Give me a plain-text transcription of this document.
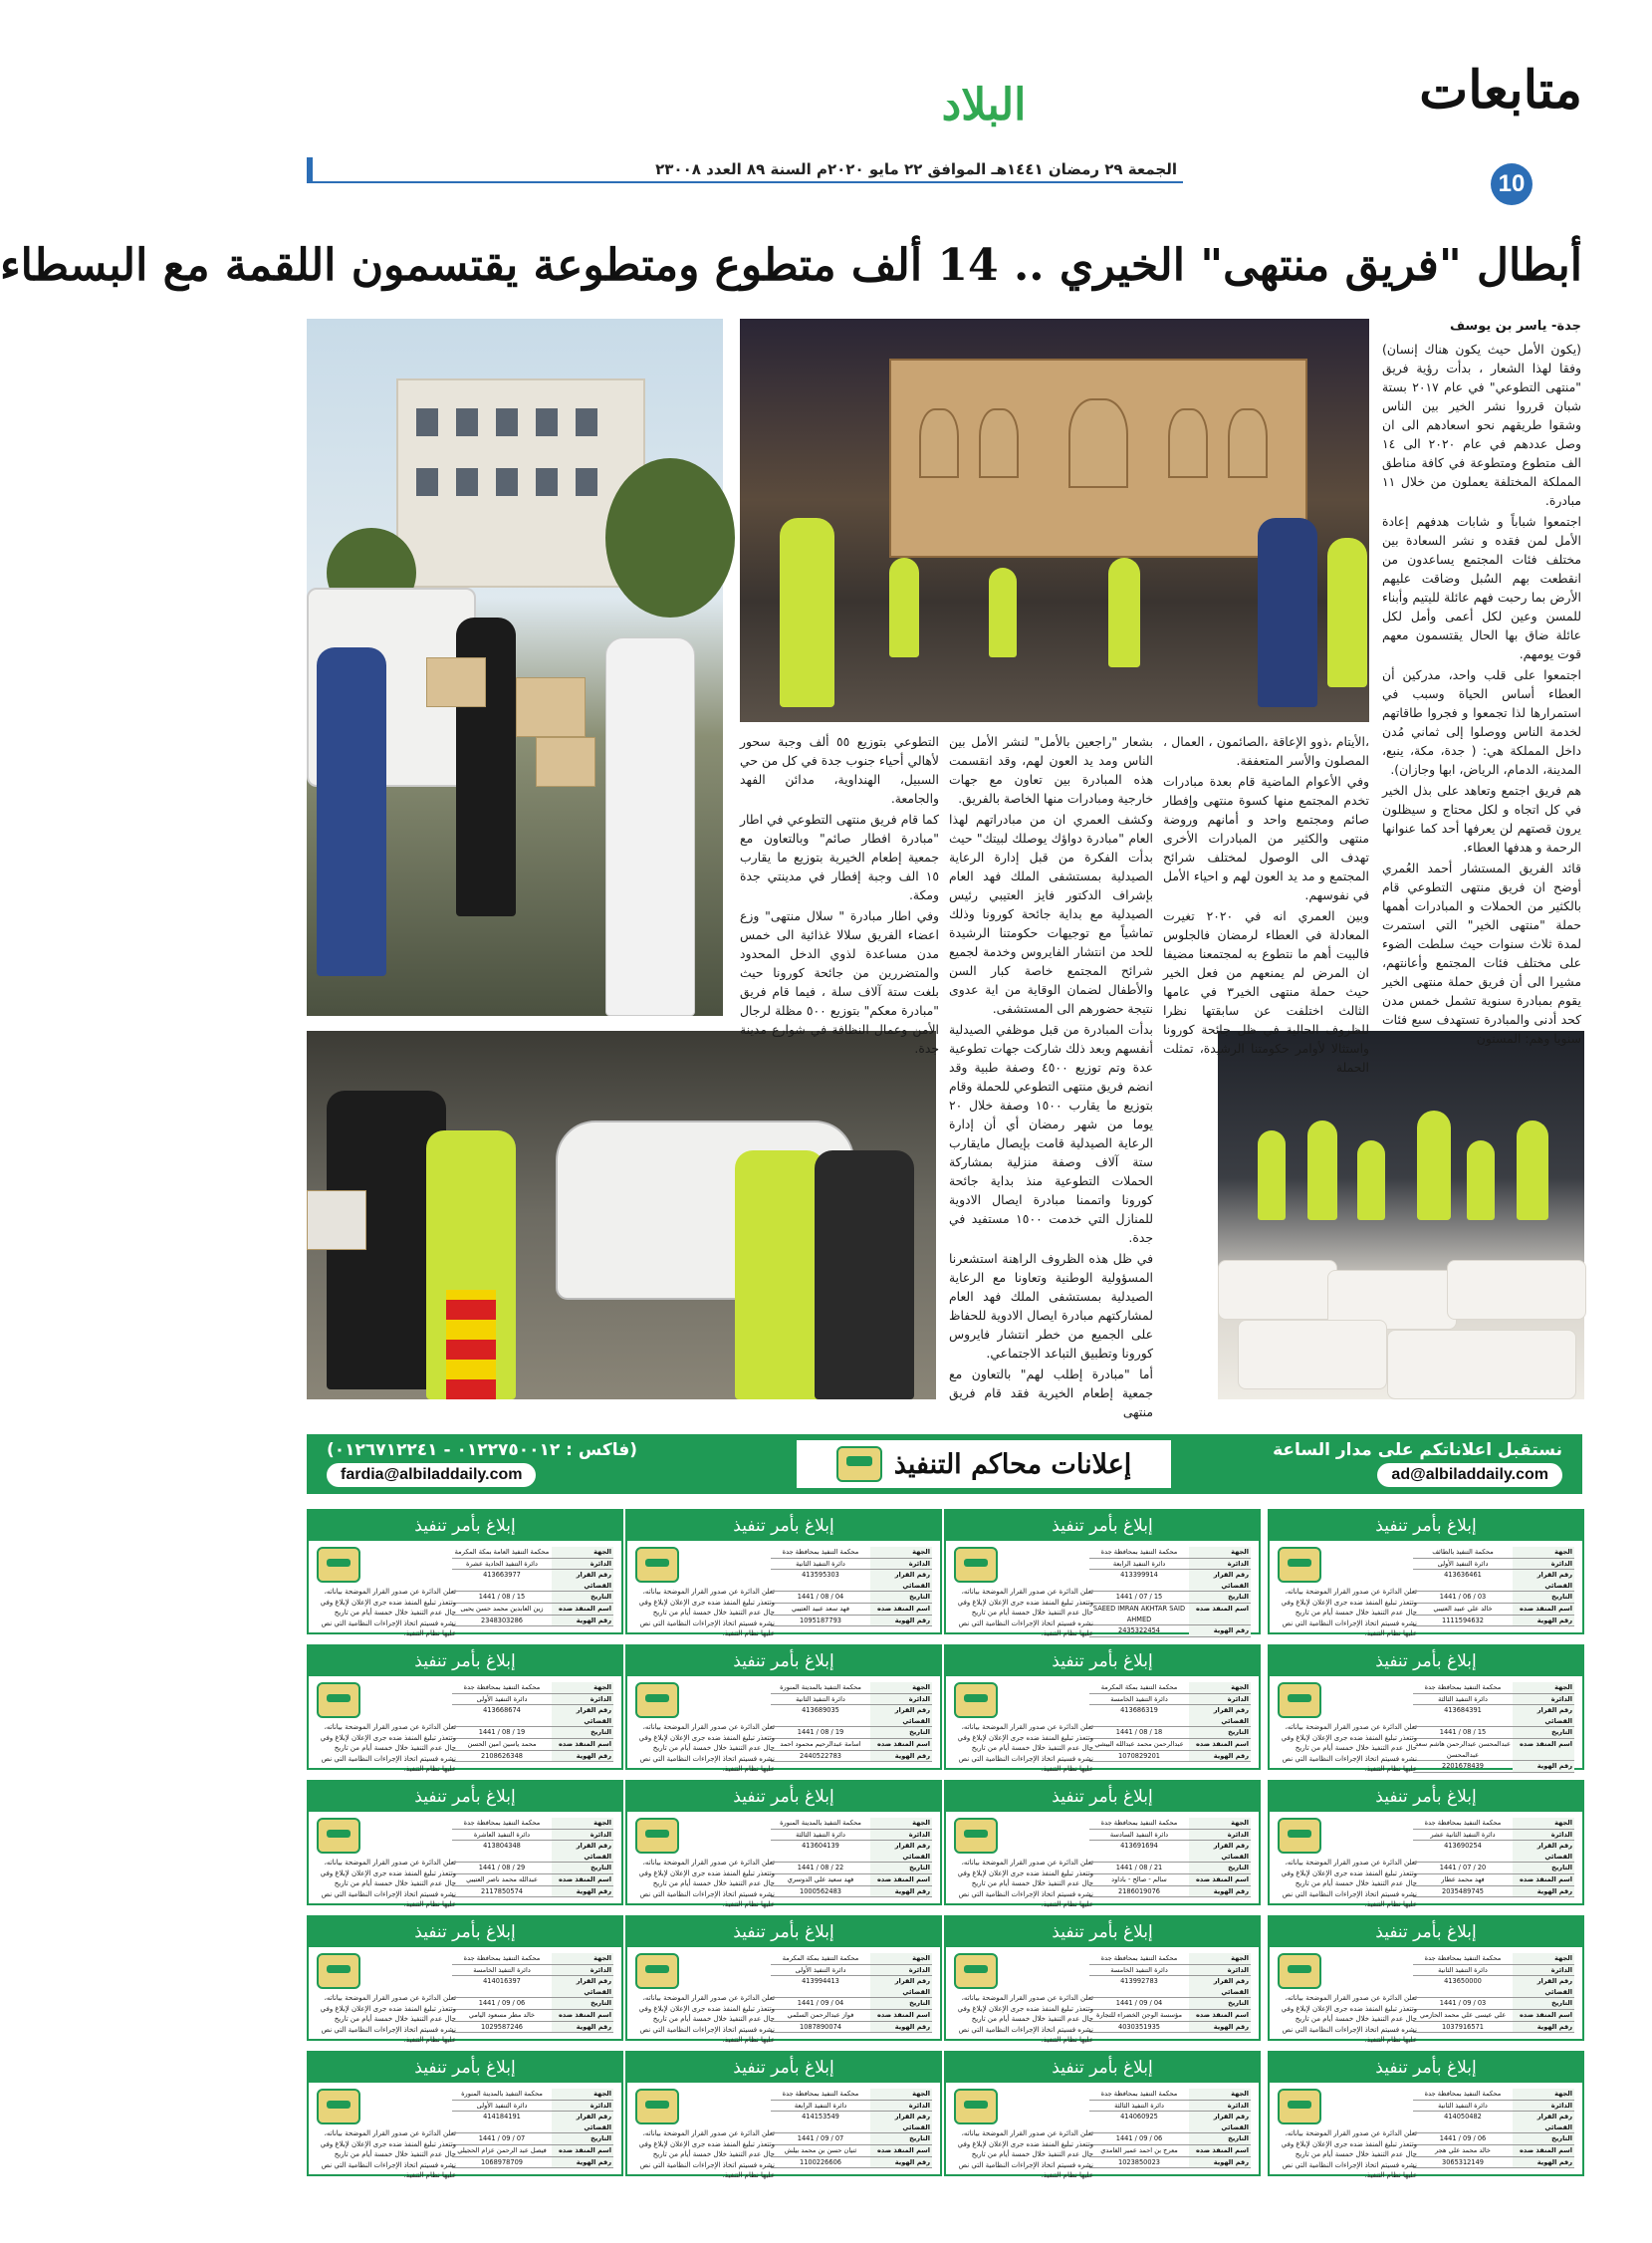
متابعات
10
البلاد
الجمعة ٢٩ رمضان ١٤٤١هـ الموافق ٢٢ مايو ٢٠٢٠م السنة ٨٩ العدد ٢٣٠٠٨
أبطال "فريق منتهى" الخيري .. 14 ألف متطوع ومتطوعة يقتسمون اللقمة مع البسطاء
جدة- ياسر بن يوسف

(يكون الأمل حيث يكون هناك إنسان) وفقا لهذا الشعار ، بدأت رؤية فريق "منتهى التطوعي" في عام ٢٠١٧ بستة شبان قرروا نشر الخير بين الناس وشقوا طريقهم نحو اسعادهم الى ان وصل عددهم في عام ٢٠٢٠ الى ١٤ الف متطوع ومتطوعة في كافة مناطق المملكة المختلفة يعملون من خلال ١١ مبادرة.

اجتمعوا شباباً و شابات هدفهم إعادة الأمل لمن فقده و نشر السعادة بين مختلف فئات المجتمع يساعدون من انقطعت بهم السُبل وضاقت عليهم الأرض بما رحبت فهم عائلة لليتيم وأبناء للمسن وعين لكل أعمى وأمل لكل عائلة ضاق بها الحال يقتسمون معهم قوت يومهم.

اجتمعوا على قلب واحد، مدركين أن العطاء أساس الحياة وسبب في استمرارها لذا تجمعوا و فجروا طاقاتهم لخدمة الناس ووصلوا إلى ثماني مُدن داخل المملكة هي: ( جدة، مكة، ينبع، المدينة، الدمام، الرياض، ابها وجازان).

هم فريق اجتمع وتعاهد على بذل الخير في كل اتجاه و لكل محتاج و سيظلون يرون قصتهم لن يعرفها أحد كما عنوانها الرحمة و هدفها العطاء.

قائد الفريق المستشار أحمد العُمري أوضح ان فريق منتهى التطوعي قام بالكثير من الحملات و المبادرات أهمها حملة "منتهى الخير" التي استمرت لمدة ثلاث سنوات حيث سلطت الضوء على مختلف فئات المجتمع وأعانتهم، مشيرا الى أن فريق حملة منتهى الخير يقوم بمبادرة سنوية تشمل خمس مدن كحد أدنى والمبادرة تستهدف سبع فئات سنويا وهم: المسنون

،الأيتام ،ذوو الإعاقة ،الصائمون ، العمال ، المصلون والأسر المتعففة.

وفي الأعوام الماضية قام بعدة مبادرات تخدم المجتمع منها كسوة منتهى وإفطار صائم ومجتمع واحد و أمانهم وروضة منتهى والكثير من المبادرات الأخرى تهدف الى الوصول لمختلف شرائح المجتمع و مد يد العون لهم و احياء الأمل في نفوسهم.

وبين العمري انه في ٢٠٢٠ تغيرت المعادلة في العطاء لرمضان فالجلوس فالبيت أهم ما نتطوع به لمجتمعنا مضيفا ان المرض لم يمنعهم من فعل الخير حيث حملة منتهى الخير٣ في عامها الثالث اختلفت عن سابقتها نظرا للظروف الحالية في ظل جائحة كورونا واستثالا لأوامر حكومتنا الرشيدة، تمثلت الحملة

بشعار "راجعين بالأمل" لنشر الأمل بين الناس ومد يد العون لهم، وقد انقسمت هذه المبادرة بين تعاون مع جهات خارجية ومبادرات منها الخاصة بالفريق.

وكشف العمري ان من مبادراتهم لهذا العام "مبادرة دواؤك يوصلك لبيتك" حيث بدأت الفكرة من قبل إدارة الرعاية الصيدلية بمستشفى الملك فهد العام بإشراف الدكتور فايز العتيبي رئيس الصيدلية مع بداية جائحة كورونا وذلك تماشياً مع توجيهات حكومتنا الرشيدة للحد من انتشار الفايروس وخدمة لجميع شرائح المجتمع خاصة كبار السن والأطفال لضمان الوقاية من اية عدوى نتيجة حضورهم الى المستشفى.

بدأت المبادرة من قبل موظفي الصيدلية أنفسهم وبعد ذلك شاركت جهات تطوعية عدة وتم توزيع ٤٥٠٠ وصفة طبية وقد انضم فريق منتهى التطوعي للحملة وقام بتوزيع ما يقارب ١٥٠٠ وصفة خلال ٢٠ يوما من شهر رمضان أي أن إدارة الرعاية الصيدلية قامت بإيصال مايقارب ستة آلاف وصفة منزلية بمشاركة الحملات التطوعية منذ بداية جائحة كورونا واتممنا مبادرة ايصال الادوية للمنازل التي خدمت ١٥٠٠ مستفيد في جدة.

في ظل هذه الظروف الراهنة استشعرنا المسؤولية الوطنية وتعاونا مع الرعاية الصيدلية بمستشفى الملك فهد العام لمشاركتهم مبادرة ايصال الادوية للحفاظ على الجميع من خطر انتشار فايروس كورونا وتطبيق التباعد الاجتماعي.

أما "مبادرة إطلب لهم" بالتعاون مع جمعية إطعام الخيرية فقد قام فريق منتهى

التطوعي بتوزيع ٥٥ ألف وجبة سحور لأهالي أحياء جنوب جدة في كل من حي السبيل، الهنداوية، مدائن الفهد والجامعة.

كما قام فريق منتهى التطوعي في اطار "مبادرة افطار صائم" وبالتعاون مع جمعية إطعام الخيرية بتوزيع ما يقارب ١٥ الف وجبة إفطار في مدينتي جدة ومكة.

وفي اطار مبادرة " سلال منتهى" وزع اعضاء الفريق سلالا غذائية الى خمس مدن مساعدة لذوي الدخل المحدود والمتضررين من جائحة كورونا حيث بلغت ستة آلاف سلة ، فيما قام فريق "مبادرة معكم" بتوزيع ٥٠٠ مظلة لرجال الأمن وعمال النظافة في شوارع مدينة جدة.

نستقبل اعلاناتكم على مدار الساعة
ad@albiladdaily.com
إعلانات محاكم التنفيذ
(فاكس : ٠١٢٢٧٥٠٠١٢ - ٠١٢٦٧١٢٢٤١)
fardia@albiladdaily.com
إبلاغ بأمر تنفيذ
الجهة
محكمة التنفيذ بالطائف
الدائرة
دائرة التنفيذ الأولى
رقم القرار القضائي
413636461
التاريخ
03 / 06 / 1441
اسم المنفذ ضده
خالد علي عبيد العتيبي
رقم الهوية
1111594632
تعلن الدائرة عن صدور القرار الموضحة بياناته، وتتعذر تبليغ المنفذ ضده جرى الإعلان لإبلاغ وفي حال عدم التنفيذ خلال خمسة أيام من تاريخ نشره فسيتم اتخاذ الإجراءات النظامية التي نص عليها نظام التنفيذ.
إبلاغ بأمر تنفيذ
الجهة
محكمة التنفيذ بمحافظة جدة
الدائرة
دائرة التنفيذ الرابعة
رقم القرار القضائي
413399914
التاريخ
15 / 07 / 1441
اسم المنفذ ضده
SAEED IMRAN AKHTAR SAID AHMED
رقم الهوية
2435322454
تعلن الدائرة عن صدور القرار الموضحة بياناته، وتتعذر تبليغ المنفذ ضده جرى الإعلان لإبلاغ وفي حال عدم التنفيذ خلال خمسة أيام من تاريخ نشره فسيتم اتخاذ الإجراءات النظامية التي نص عليها نظام التنفيذ.
إبلاغ بأمر تنفيذ
الجهة
محكمة التنفيذ بمحافظة جدة
الدائرة
دائرة التنفيذ الثانية
رقم القرار القضائي
413595303
التاريخ
04 / 08 / 1441
اسم المنفذ ضده
فهد سعد عبيد العتيبي
رقم الهوية
1095187793
تعلن الدائرة عن صدور القرار الموضحة بياناته، وتتعذر تبليغ المنفذ ضده جرى الإعلان لإبلاغ وفي حال عدم التنفيذ خلال خمسة أيام من تاريخ نشره فسيتم اتخاذ الإجراءات النظامية التي نص عليها نظام التنفيذ.
إبلاغ بأمر تنفيذ
الجهة
محكمة التنفيذ العامة بمكة المكرمة
الدائرة
دائرة التنفيذ الحادية عشرة
رقم القرار القضائي
413663977
التاريخ
15 / 08 / 1441
اسم المنفذ ضده
زين العابدين محمد حسن يحيى
رقم الهوية
2348303286
تعلن الدائرة عن صدور القرار الموضحة بياناته، وتتعذر تبليغ المنفذ ضده جرى الإعلان لإبلاغ وفي حال عدم التنفيذ خلال خمسة أيام من تاريخ نشره فسيتم اتخاذ الإجراءات النظامية التي نص عليها نظام التنفيذ.
إبلاغ بأمر تنفيذ
الجهة
محكمة التنفيذ بمحافظة جدة
الدائرة
دائرة التنفيذ الثالثة
رقم القرار القضائي
413684391
التاريخ
15 / 08 / 1441
اسم المنفذ ضده
عبدالمحسن عبدالرحمن هاشم سعد عبدالمحسن
رقم الهوية
2201678439
تعلن الدائرة عن صدور القرار الموضحة بياناته، وتتعذر تبليغ المنفذ ضده جرى الإعلان لإبلاغ وفي حال عدم التنفيذ خلال خمسة أيام من تاريخ نشره فسيتم اتخاذ الإجراءات النظامية التي نص عليها نظام التنفيذ.
إبلاغ بأمر تنفيذ
الجهة
محكمة التنفيذ بمكة المكرمة
الدائرة
دائرة التنفيذ الخامسة
رقم القرار القضائي
413686319
التاريخ
18 / 08 / 1441
اسم المنفذ ضده
عبدالرحمن محمد عبدالله البيشي
رقم الهوية
1070829201
تعلن الدائرة عن صدور القرار الموضحة بياناته، وتتعذر تبليغ المنفذ ضده جرى الإعلان لإبلاغ وفي حال عدم التنفيذ خلال خمسة أيام من تاريخ نشره فسيتم اتخاذ الإجراءات النظامية التي نص عليها نظام التنفيذ.
إبلاغ بأمر تنفيذ
الجهة
محكمة التنفيذ بالمدينة المنورة
الدائرة
دائرة التنفيذ الثانية
رقم القرار القضائي
413689035
التاريخ
19 / 08 / 1441
اسم المنفذ ضده
اسامة عبدالرحيم محمود احمد
رقم الهوية
2440522783
تعلن الدائرة عن صدور القرار الموضحة بياناته، وتتعذر تبليغ المنفذ ضده جرى الإعلان لإبلاغ وفي حال عدم التنفيذ خلال خمسة أيام من تاريخ نشره فسيتم اتخاذ الإجراءات النظامية التي نص عليها نظام التنفيذ.
إبلاغ بأمر تنفيذ
الجهة
محكمة التنفيذ بمحافظة جدة
الدائرة
دائرة التنفيذ الأولى
رقم القرار القضائي
413668674
التاريخ
19 / 08 / 1441
اسم المنفذ ضده
محمد ياسين امين الحسن
رقم الهوية
2108626348
تعلن الدائرة عن صدور القرار الموضحة بياناته، وتتعذر تبليغ المنفذ ضده جرى الإعلان لإبلاغ وفي حال عدم التنفيذ خلال خمسة أيام من تاريخ نشره فسيتم اتخاذ الإجراءات النظامية التي نص عليها نظام التنفيذ.
إبلاغ بأمر تنفيذ
الجهة
محكمة التنفيذ بمحافظة جدة
الدائرة
دائرة التنفيذ الثانية عشر
رقم القرار القضائي
413690254
التاريخ
20 / 07 / 1441
اسم المنفذ ضده
فهد محمد عطار
رقم الهوية
2035489745
تعلن الدائرة عن صدور القرار الموضحة بياناته، وتتعذر تبليغ المنفذ ضده جرى الإعلان لإبلاغ وفي حال عدم التنفيذ خلال خمسة أيام من تاريخ نشره فسيتم اتخاذ الإجراءات النظامية التي نص عليها نظام التنفيذ.
إبلاغ بأمر تنفيذ
الجهة
محكمة التنفيذ بمحافظة جدة
الدائرة
دائرة التنفيذ السادسة
رقم القرار القضائي
413691694
التاريخ
21 / 08 / 1441
اسم المنفذ ضده
سالم - صالح - باداود
رقم الهوية
2186019076
تعلن الدائرة عن صدور القرار الموضحة بياناته، وتتعذر تبليغ المنفذ ضده جرى الإعلان لإبلاغ وفي حال عدم التنفيذ خلال خمسة أيام من تاريخ نشره فسيتم اتخاذ الإجراءات النظامية التي نص عليها نظام التنفيذ.
إبلاغ بأمر تنفيذ
الجهة
محكمة التنفيذ بالمدينة المنورة
الدائرة
دائرة التنفيذ الثالثة
رقم القرار القضائي
413604139
التاريخ
22 / 08 / 1441
اسم المنفذ ضده
فهد سعيد علي الدوسري
رقم الهوية
1000562483
تعلن الدائرة عن صدور القرار الموضحة بياناته، وتتعذر تبليغ المنفذ ضده جرى الإعلان لإبلاغ وفي حال عدم التنفيذ خلال خمسة أيام من تاريخ نشره فسيتم اتخاذ الإجراءات النظامية التي نص عليها نظام التنفيذ.
إبلاغ بأمر تنفيذ
الجهة
محكمة التنفيذ بمحافظة جدة
الدائرة
دائرة التنفيذ العاشرة
رقم القرار القضائي
413804348
التاريخ
29 / 08 / 1441
اسم المنفذ ضده
عبدالله محمد ناصر العتيبي
رقم الهوية
2117850574
تعلن الدائرة عن صدور القرار الموضحة بياناته، وتتعذر تبليغ المنفذ ضده جرى الإعلان لإبلاغ وفي حال عدم التنفيذ خلال خمسة أيام من تاريخ نشره فسيتم اتخاذ الإجراءات النظامية التي نص عليها نظام التنفيذ.
إبلاغ بأمر تنفيذ
الجهة
محكمة التنفيذ بمحافظة جدة
الدائرة
دائرة التنفيذ الثانية
رقم القرار القضائي
413650000
التاريخ
03 / 09 / 1441
اسم المنفذ ضده
علي عيسى علي محمد الحازمي
رقم الهوية
1037916571
تعلن الدائرة عن صدور القرار الموضحة بياناته، وتتعذر تبليغ المنفذ ضده جرى الإعلان لإبلاغ وفي حال عدم التنفيذ خلال خمسة أيام من تاريخ نشره فسيتم اتخاذ الإجراءات النظامية التي نص عليها نظام التنفيذ.
إبلاغ بأمر تنفيذ
الجهة
محكمة التنفيذ بمحافظة جدة
الدائرة
دائرة التنفيذ الخامسة
رقم القرار القضائي
413992783
التاريخ
04 / 09 / 1441
اسم المنفذ ضده
مؤسسة الوجن الخضراء للتجارة
رقم الهوية
4030351935
تعلن الدائرة عن صدور القرار الموضحة بياناته، وتتعذر تبليغ المنفذ ضده جرى الإعلان لإبلاغ وفي حال عدم التنفيذ خلال خمسة أيام من تاريخ نشره فسيتم اتخاذ الإجراءات النظامية التي نص عليها نظام التنفيذ.
إبلاغ بأمر تنفيذ
الجهة
محكمة التنفيذ بمكة المكرمة
الدائرة
دائرة التنفيذ الأولى
رقم القرار القضائي
413994413
التاريخ
04 / 09 / 1441
اسم المنفذ ضده
فواز عبدالرحمن السلمي
رقم الهوية
1087890074
تعلن الدائرة عن صدور القرار الموضحة بياناته، وتتعذر تبليغ المنفذ ضده جرى الإعلان لإبلاغ وفي حال عدم التنفيذ خلال خمسة أيام من تاريخ نشره فسيتم اتخاذ الإجراءات النظامية التي نص عليها نظام التنفيذ.
إبلاغ بأمر تنفيذ
الجهة
محكمة التنفيذ بمحافظة جدة
الدائرة
دائرة التنفيذ الخامسة
رقم القرار القضائي
414016397
التاريخ
06 / 09 / 1441
اسم المنفذ ضده
خالد مطر مسعود اليامي
رقم الهوية
1029587246
تعلن الدائرة عن صدور القرار الموضحة بياناته، وتتعذر تبليغ المنفذ ضده جرى الإعلان لإبلاغ وفي حال عدم التنفيذ خلال خمسة أيام من تاريخ نشره فسيتم اتخاذ الإجراءات النظامية التي نص عليها نظام التنفيذ.
إبلاغ بأمر تنفيذ
الجهة
محكمة التنفيذ بمحافظة جدة
الدائرة
دائرة التنفيذ الثانية
رقم القرار القضائي
414050482
التاريخ
06 / 09 / 1441
اسم المنفذ ضده
خالد محمد علي هجر
رقم الهوية
3065312149
تعلن الدائرة عن صدور القرار الموضحة بياناته، وتتعذر تبليغ المنفذ ضده جرى الإعلان لإبلاغ وفي حال عدم التنفيذ خلال خمسة أيام من تاريخ نشره فسيتم اتخاذ الإجراءات النظامية التي نص عليها نظام التنفيذ.
إبلاغ بأمر تنفيذ
الجهة
محكمة التنفيذ بمحافظة جدة
الدائرة
دائرة التنفيذ الثالثة
رقم القرار القضائي
414060925
التاريخ
06 / 09 / 1441
اسم المنفذ ضده
معرج بن احمد عمير الغامدي
رقم الهوية
1023850023
تعلن الدائرة عن صدور القرار الموضحة بياناته، وتتعذر تبليغ المنفذ ضده جرى الإعلان لإبلاغ وفي حال عدم التنفيذ خلال خمسة أيام من تاريخ نشره فسيتم اتخاذ الإجراءات النظامية التي نص عليها نظام التنفيذ.
إبلاغ بأمر تنفيذ
الجهة
محكمة التنفيذ بمحافظة جدة
الدائرة
دائرة التنفيذ الرابعة
رقم القرار القضائي
414153549
التاريخ
07 / 09 / 1441
اسم المنفذ ضده
ثنيان حسن بن محمد بيلش
رقم الهوية
1100226606
تعلن الدائرة عن صدور القرار الموضحة بياناته، وتتعذر تبليغ المنفذ ضده جرى الإعلان لإبلاغ وفي حال عدم التنفيذ خلال خمسة أيام من تاريخ نشره فسيتم اتخاذ الإجراءات النظامية التي نص عليها نظام التنفيذ.
إبلاغ بأمر تنفيذ
الجهة
محكمة التنفيذ بالمدينة المنورة
الدائرة
دائرة التنفيذ الأولى
رقم القرار القضائي
414184191
التاريخ
07 / 09 / 1441
اسم المنفذ ضده
فيصل عبد الرحمن عزام الحجيلي
رقم الهوية
1068978709
تعلن الدائرة عن صدور القرار الموضحة بياناته، وتتعذر تبليغ المنفذ ضده جرى الإعلان لإبلاغ وفي حال عدم التنفيذ خلال خمسة أيام من تاريخ نشره فسيتم اتخاذ الإجراءات النظامية التي نص عليها نظام التنفيذ.
